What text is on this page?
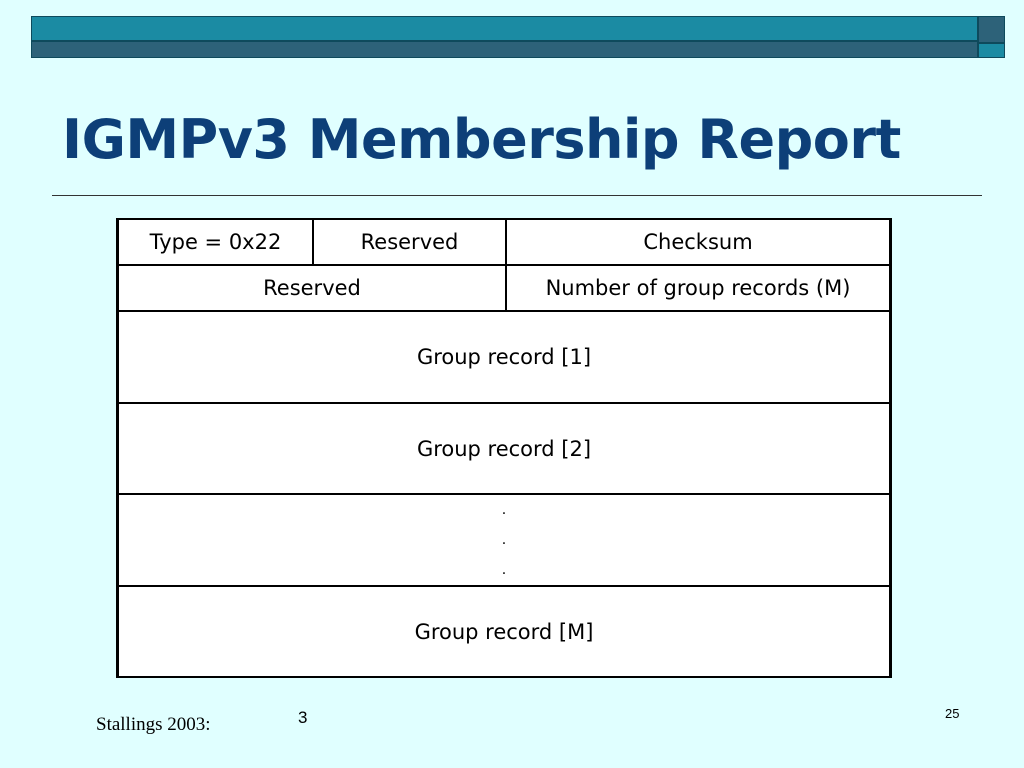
IGMPv3 Membership Report
Type = 0x22	Reserved	Checksum
Reserved	Number of group records (M)
Group record [1]
Group record [2]
.
.
.
Group record [M]
Stallings 2003:	3	25
